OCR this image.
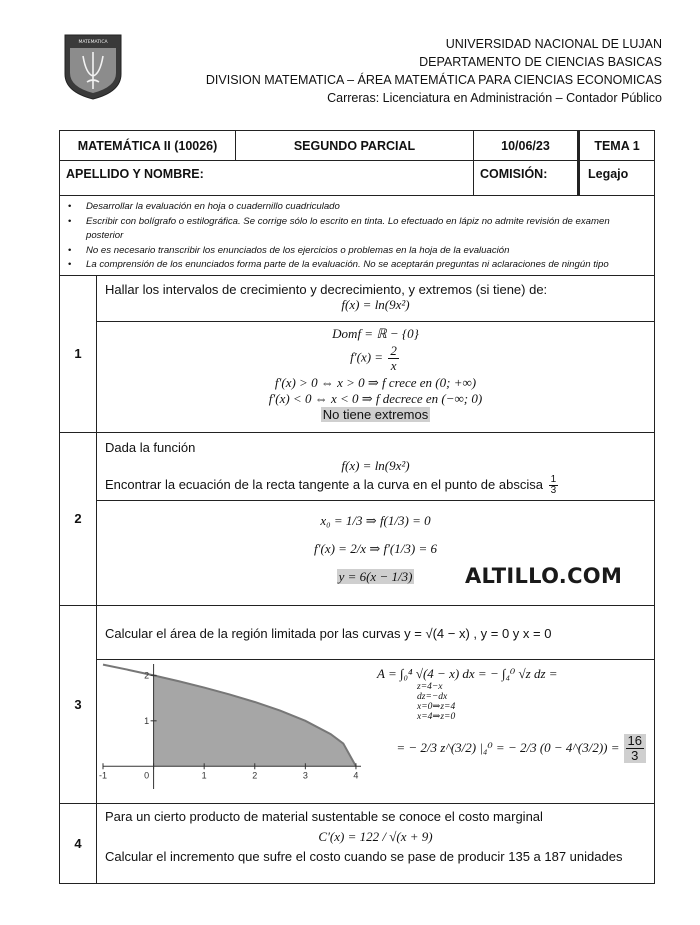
MATEMATICA	UNIVERSIDAD NACIONAL DE LUJAN
DEPARTAMENTO DE CIENCIAS BASICAS
DIVISION MATEMATICA – ÁREA MATEMÁTICA PARA CIENCIAS ECONOMICAS
Carreras: Licenciatura en Administración – Contador Público
MATEMÁTICA II (10026)	SEGUNDO PARCIAL	10/06/23	TEMA 1
APELLIDO Y NOMBRE:	COMISIÓN:	Legajo
• Desarrollar la evaluación en hoja o cuadernillo cuadriculado
• Escribir con bolígrafo o estilográfica. Se corrige sólo lo escrito en tinta. Lo efectuado en lápiz no admite revisión de examen posterior
• No es necesario transcribir los enunciados de los ejercicios o problemas en la hoja de la evaluación
• La comprensión de los enunciados forma parte de la evaluación. No se aceptarán preguntas ni aclaraciones de ningún tipo
1
Hallar los intervalos de crecimiento y decrecimiento, y extremos (si tiene) de:
f(x) = ln(9x²)
Domf = ℝ − {0}
$f'(x) = \frac{2}{x}$
f′(x) > 0 ⇔ x > 0 ⇒ f crece en (0; +∞)
f′(x) < 0 ⇔ x < 0 ⇒ f decrece en (−∞; 0)
No tiene extremos
2
Dada la función
f(x) = ln(9x²)
Encontrar la ecuación de la recta tangente a la curva en el punto de abscisa $\frac{1}{3}$
x₀ = 1/3 ⇒ f(1/3) = 0
f′(x) = 2/x ⇒ f′(1/3) = 6
y = 6(x − 1/3)
3
Calcular el área de la región limitada por las curvas y = √(4 − x) , y = 0 y x = 0
-1	0	1	2	3	4
1
2	A = ∫₀⁴ √(4 − x) dx = − ∫₄⁰ √z dz =
z=4−x
dz=−dx
x=0⇒z=4
x=4⇒z=0
= − 2/3 z^(3/2) |₄⁰ = − 2/3 (0 − 4^(3/2)) = $\frac{16}{3}$
4
Para un cierto producto de material sustentable se conoce el costo marginal
C′(x) = 122 / √(x + 9)
Calcular el incremento que sufre el costo cuando se pase de producir 135 a 187 unidades
ALTILLO.COM
